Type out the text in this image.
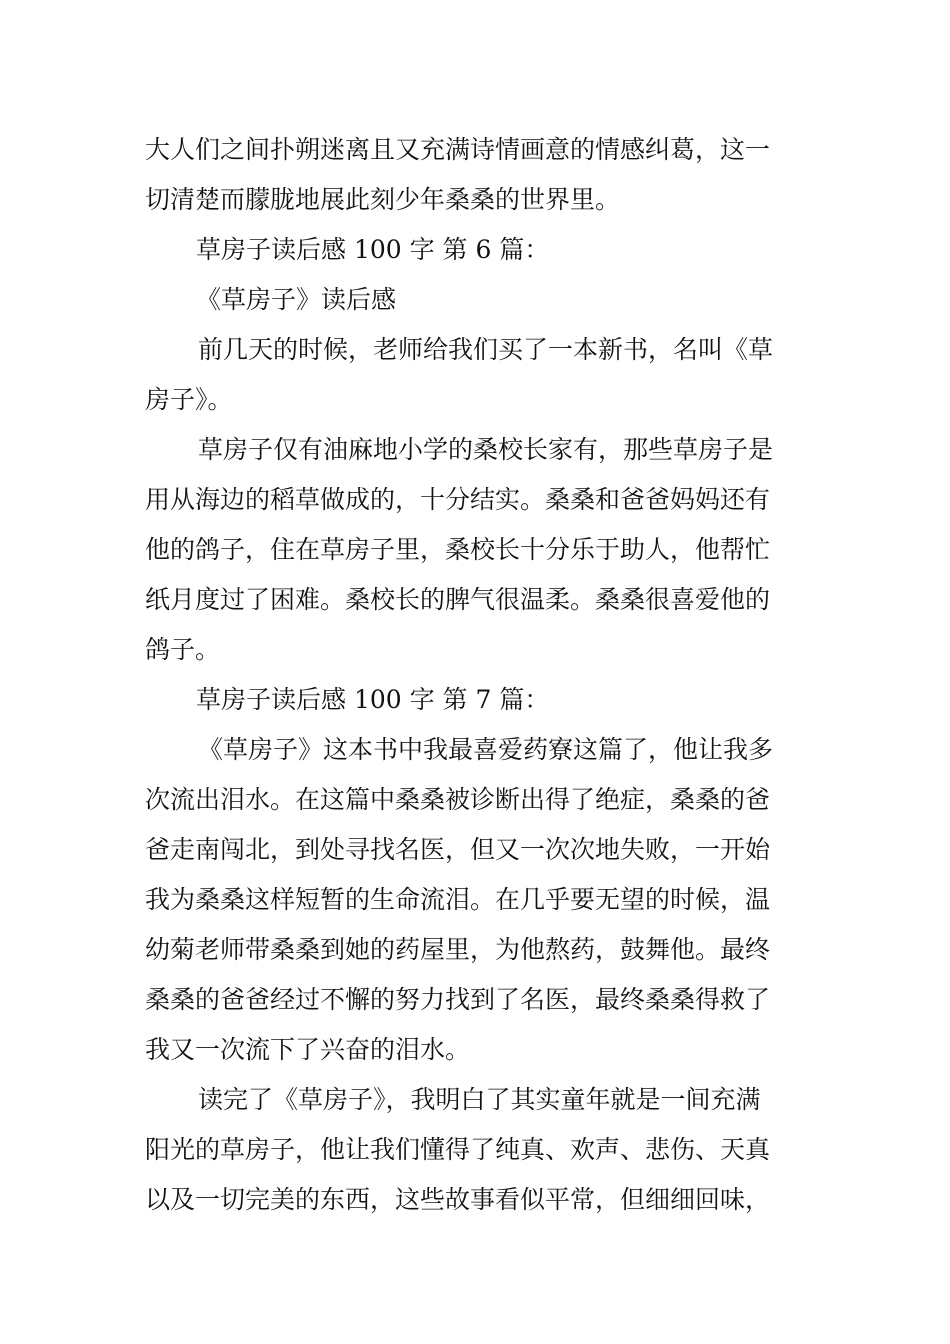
大人们之间扑朔迷离且又充满诗情画意的情感纠葛，这一
切清楚而朦胧地展此刻少年桑桑的世界里。
草房子读后感 100 字 第 6 篇：
《草房子》读后感
前几天的时候，老师给我们买了一本新书，名叫《草
房子》。
草房子仅有油麻地小学的桑校长家有，那些草房子是
用从海边的稻草做成的，十分结实。桑桑和爸爸妈妈还有
他的鸽子，住在草房子里，桑校长十分乐于助人，他帮忙
纸月度过了困难。桑校长的脾气很温柔。桑桑很喜爱他的
鸽子。
草房子读后感 100 字 第 7 篇：
《草房子》这本书中我最喜爱药寮这篇了，他让我多
次流出泪水。在这篇中桑桑被诊断出得了绝症，桑桑的爸
爸走南闯北，到处寻找名医，但又一次次地失败，一开始
我为桑桑这样短暂的生命流泪。在几乎要无望的时候，温
幼菊老师带桑桑到她的药屋里，为他熬药，鼓舞他。最终
桑桑的爸爸经过不懈的努力找到了名医，最终桑桑得救了
我又一次流下了兴奋的泪水。
读完了《草房子》，我明白了其实童年就是一间充满
阳光的草房子，他让我们懂得了纯真、欢声、悲伤、天真
以及一切完美的东西，这些故事看似平常，但细细回味，
